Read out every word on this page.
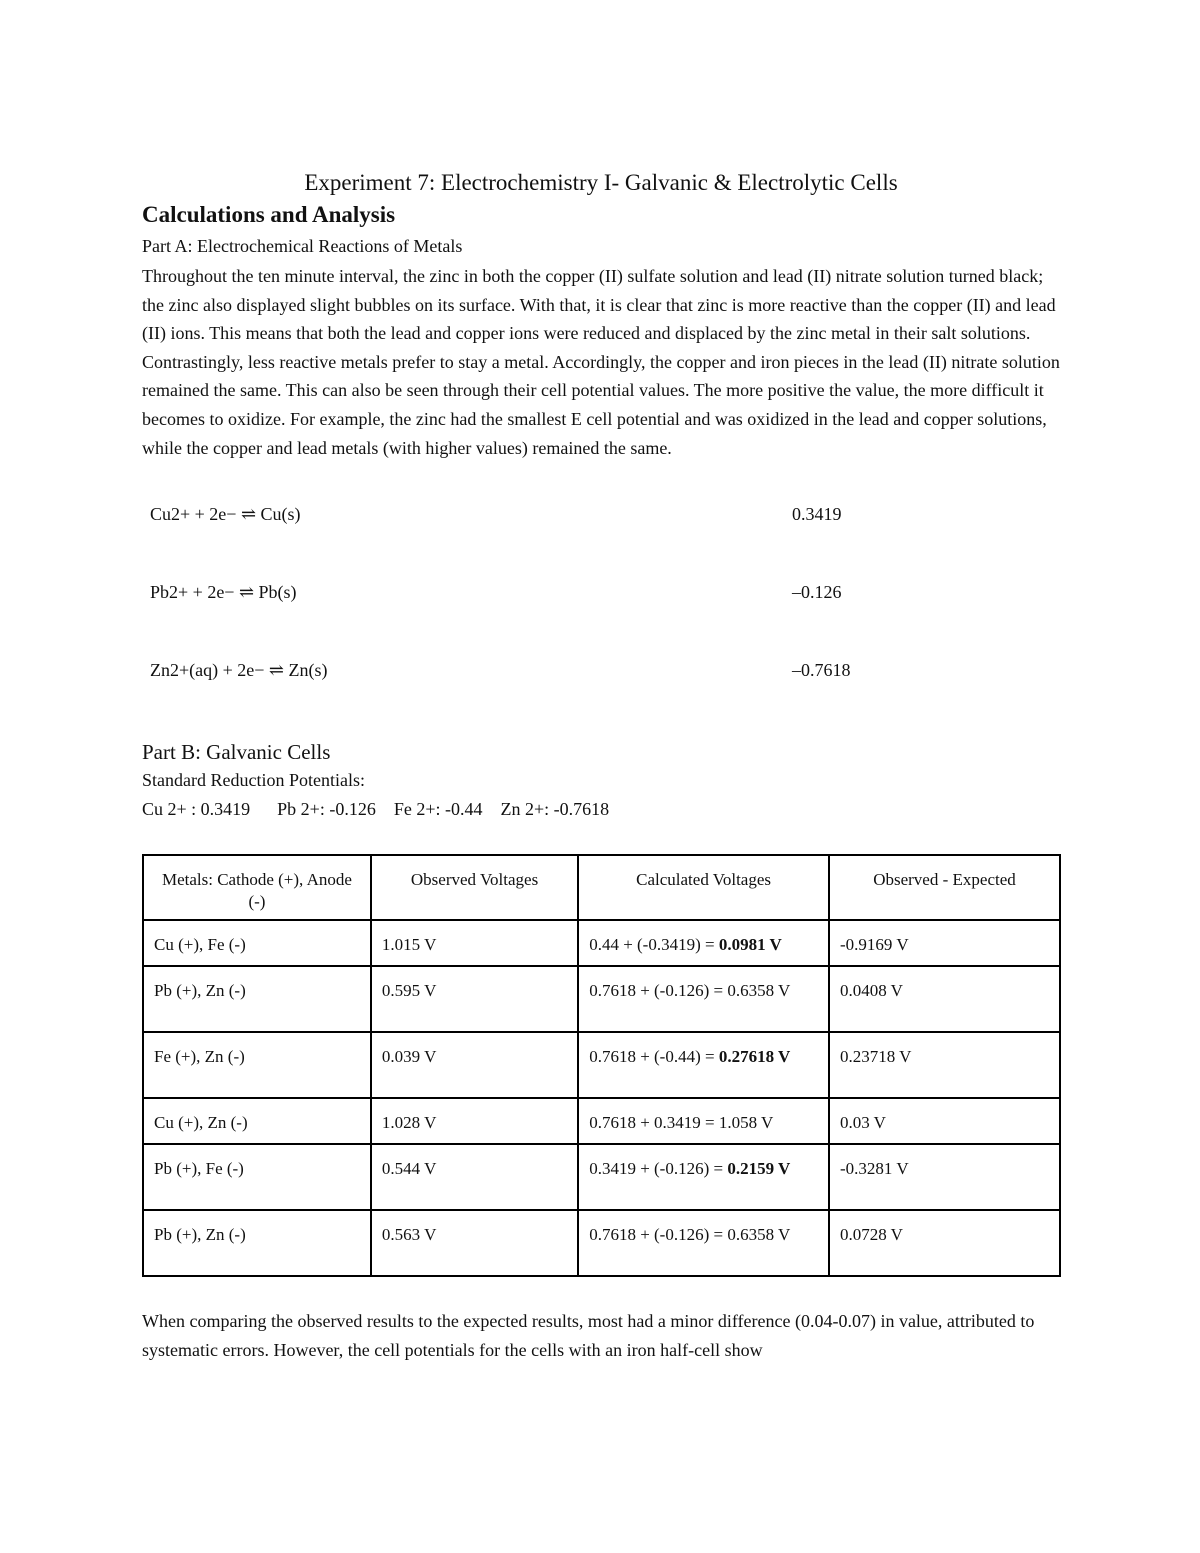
Experiment 7: Electrochemistry I- Galvanic & Electrolytic Cells
Calculations and Analysis

Part A: Electrochemical Reactions of Metals

Throughout the ten minute interval, the zinc in both the copper (II) sulfate solution and lead (II) nitrate solution turned black; the zinc also displayed slight bubbles on its surface. With that, it is clear that zinc is more reactive than the copper (II) and lead (II) ions. This means that both the lead and copper ions were reduced and displaced by the zinc metal in their salt solutions. Contrastingly, less reactive metals prefer to stay a metal. Accordingly, the copper and iron pieces in the lead (II) nitrate solution remained the same. This can also be seen through their cell potential values. The more positive the value, the more difficult it becomes to oxidize. For example, the zinc had the smallest E cell potential and was oxidized in the lead and copper solutions, while the copper and lead metals (with higher values) remained the same.

Cu2+ + 2e− ⇌ Cu(s)	0.3419
Pb2+ + 2e− ⇌ Pb(s)	–0.126
Zn2+(aq) + 2e− ⇌ Zn(s)	–0.7618

Part B: Galvanic Cells

Standard Reduction Potentials:

Cu 2+ : 0.3419      Pb 2+: -0.126    Fe 2+: -0.44    Zn 2+: -0.7618

Metals: Cathode (+), Anode (-)	Observed Voltages	Calculated Voltages	Observed - Expected
Cu (+), Fe (-)	1.015 V	0.44 + (-0.3419) = 0.0981 V	-0.9169 V
Pb (+), Zn (-)	0.595 V	0.7618 + (-0.126) = 0.6358 V	0.0408 V
Fe (+), Zn (-)	0.039 V	0.7618 + (-0.44) = 0.27618 V	0.23718 V
Cu (+), Zn (-)	1.028 V	0.7618 + 0.3419 = 1.058 V	0.03 V
Pb (+), Fe (-)	0.544 V	0.3419 + (-0.126) = 0.2159 V	-0.3281 V
Pb (+), Zn (-)	0.563 V	0.7618 + (-0.126) = 0.6358 V	0.0728 V

When comparing the observed results to the expected results, most had a minor difference (0.04-0.07) in value, attributed to systematic errors. However, the cell potentials for the cells with an iron half-cell show
